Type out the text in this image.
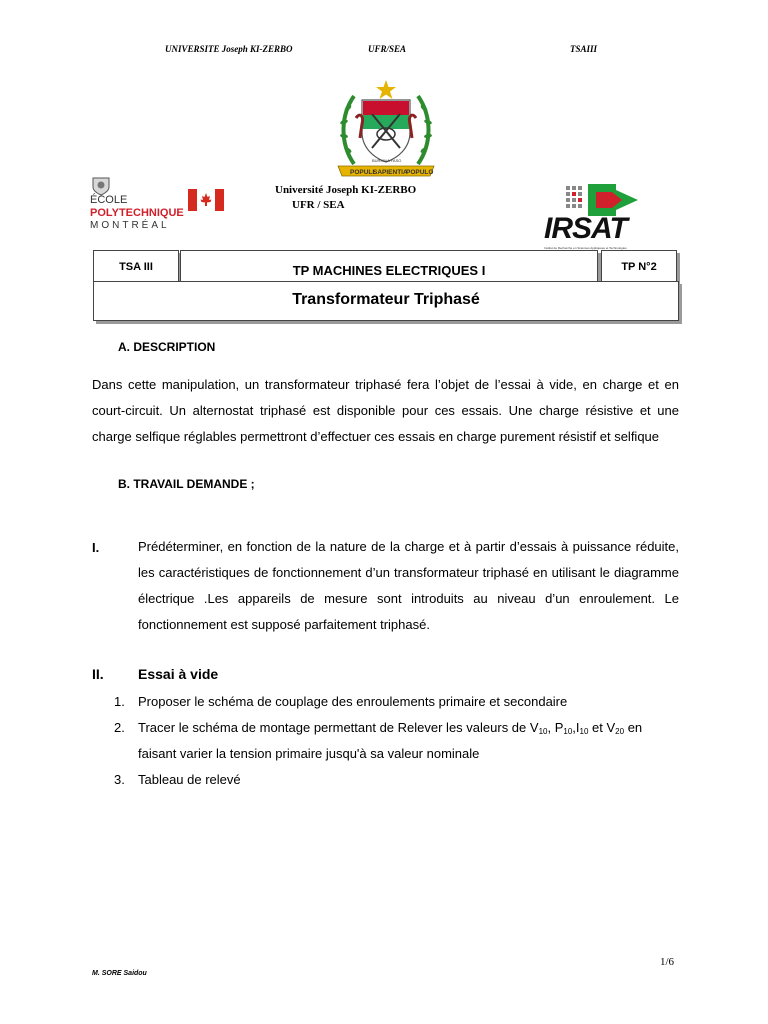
UNIVERSITE Joseph KI-ZERBO	UFR/SEA	TSAIII
POPULI
SAPIENTIA
POPULO
BURKINA FASO
ÉCOLE
POLYTECHNIQUE
MONTRÉAL
Université Joseph KI-ZERBO
UFR / SEA
IRSAT
Institut de Recherche en Sciences Appliquées et Technologies
TSA III	TP MACHINES ELECTRIQUES I	TP N°2
Transformateur Triphasé
A. DESCRIPTION
Dans cette manipulation, un transformateur triphasé fera l’objet de l’essai à vide, en charge et en court-circuit. Un alternostat triphasé est disponible pour ces essais. Une charge résistive et une charge selfique réglables permettront d’effectuer ces essais en charge purement résistif et selfique
B. TRAVAIL DEMANDE ;
I.	Prédéterminer, en fonction de la nature de la charge et à partir d’essais à puissance réduite, les caractéristiques de fonctionnement d’un transformateur triphasé en utilisant le diagramme électrique .Les appareils de mesure sont introduits au niveau d’un enroulement. Le fonctionnement est supposé parfaitement triphasé.
II. Essai à vide
1. Proposer le schéma de couplage des enroulements primaire et secondaire
2. Tracer le schéma de montage permettant de Relever les valeurs de $V_{10}$, $P_{10},I_{10}$ et $V_{20}$ en faisant varier la tension primaire jusqu'à sa valeur nominale
3. Tableau de relevé
1/6
M. SORE Saidou
